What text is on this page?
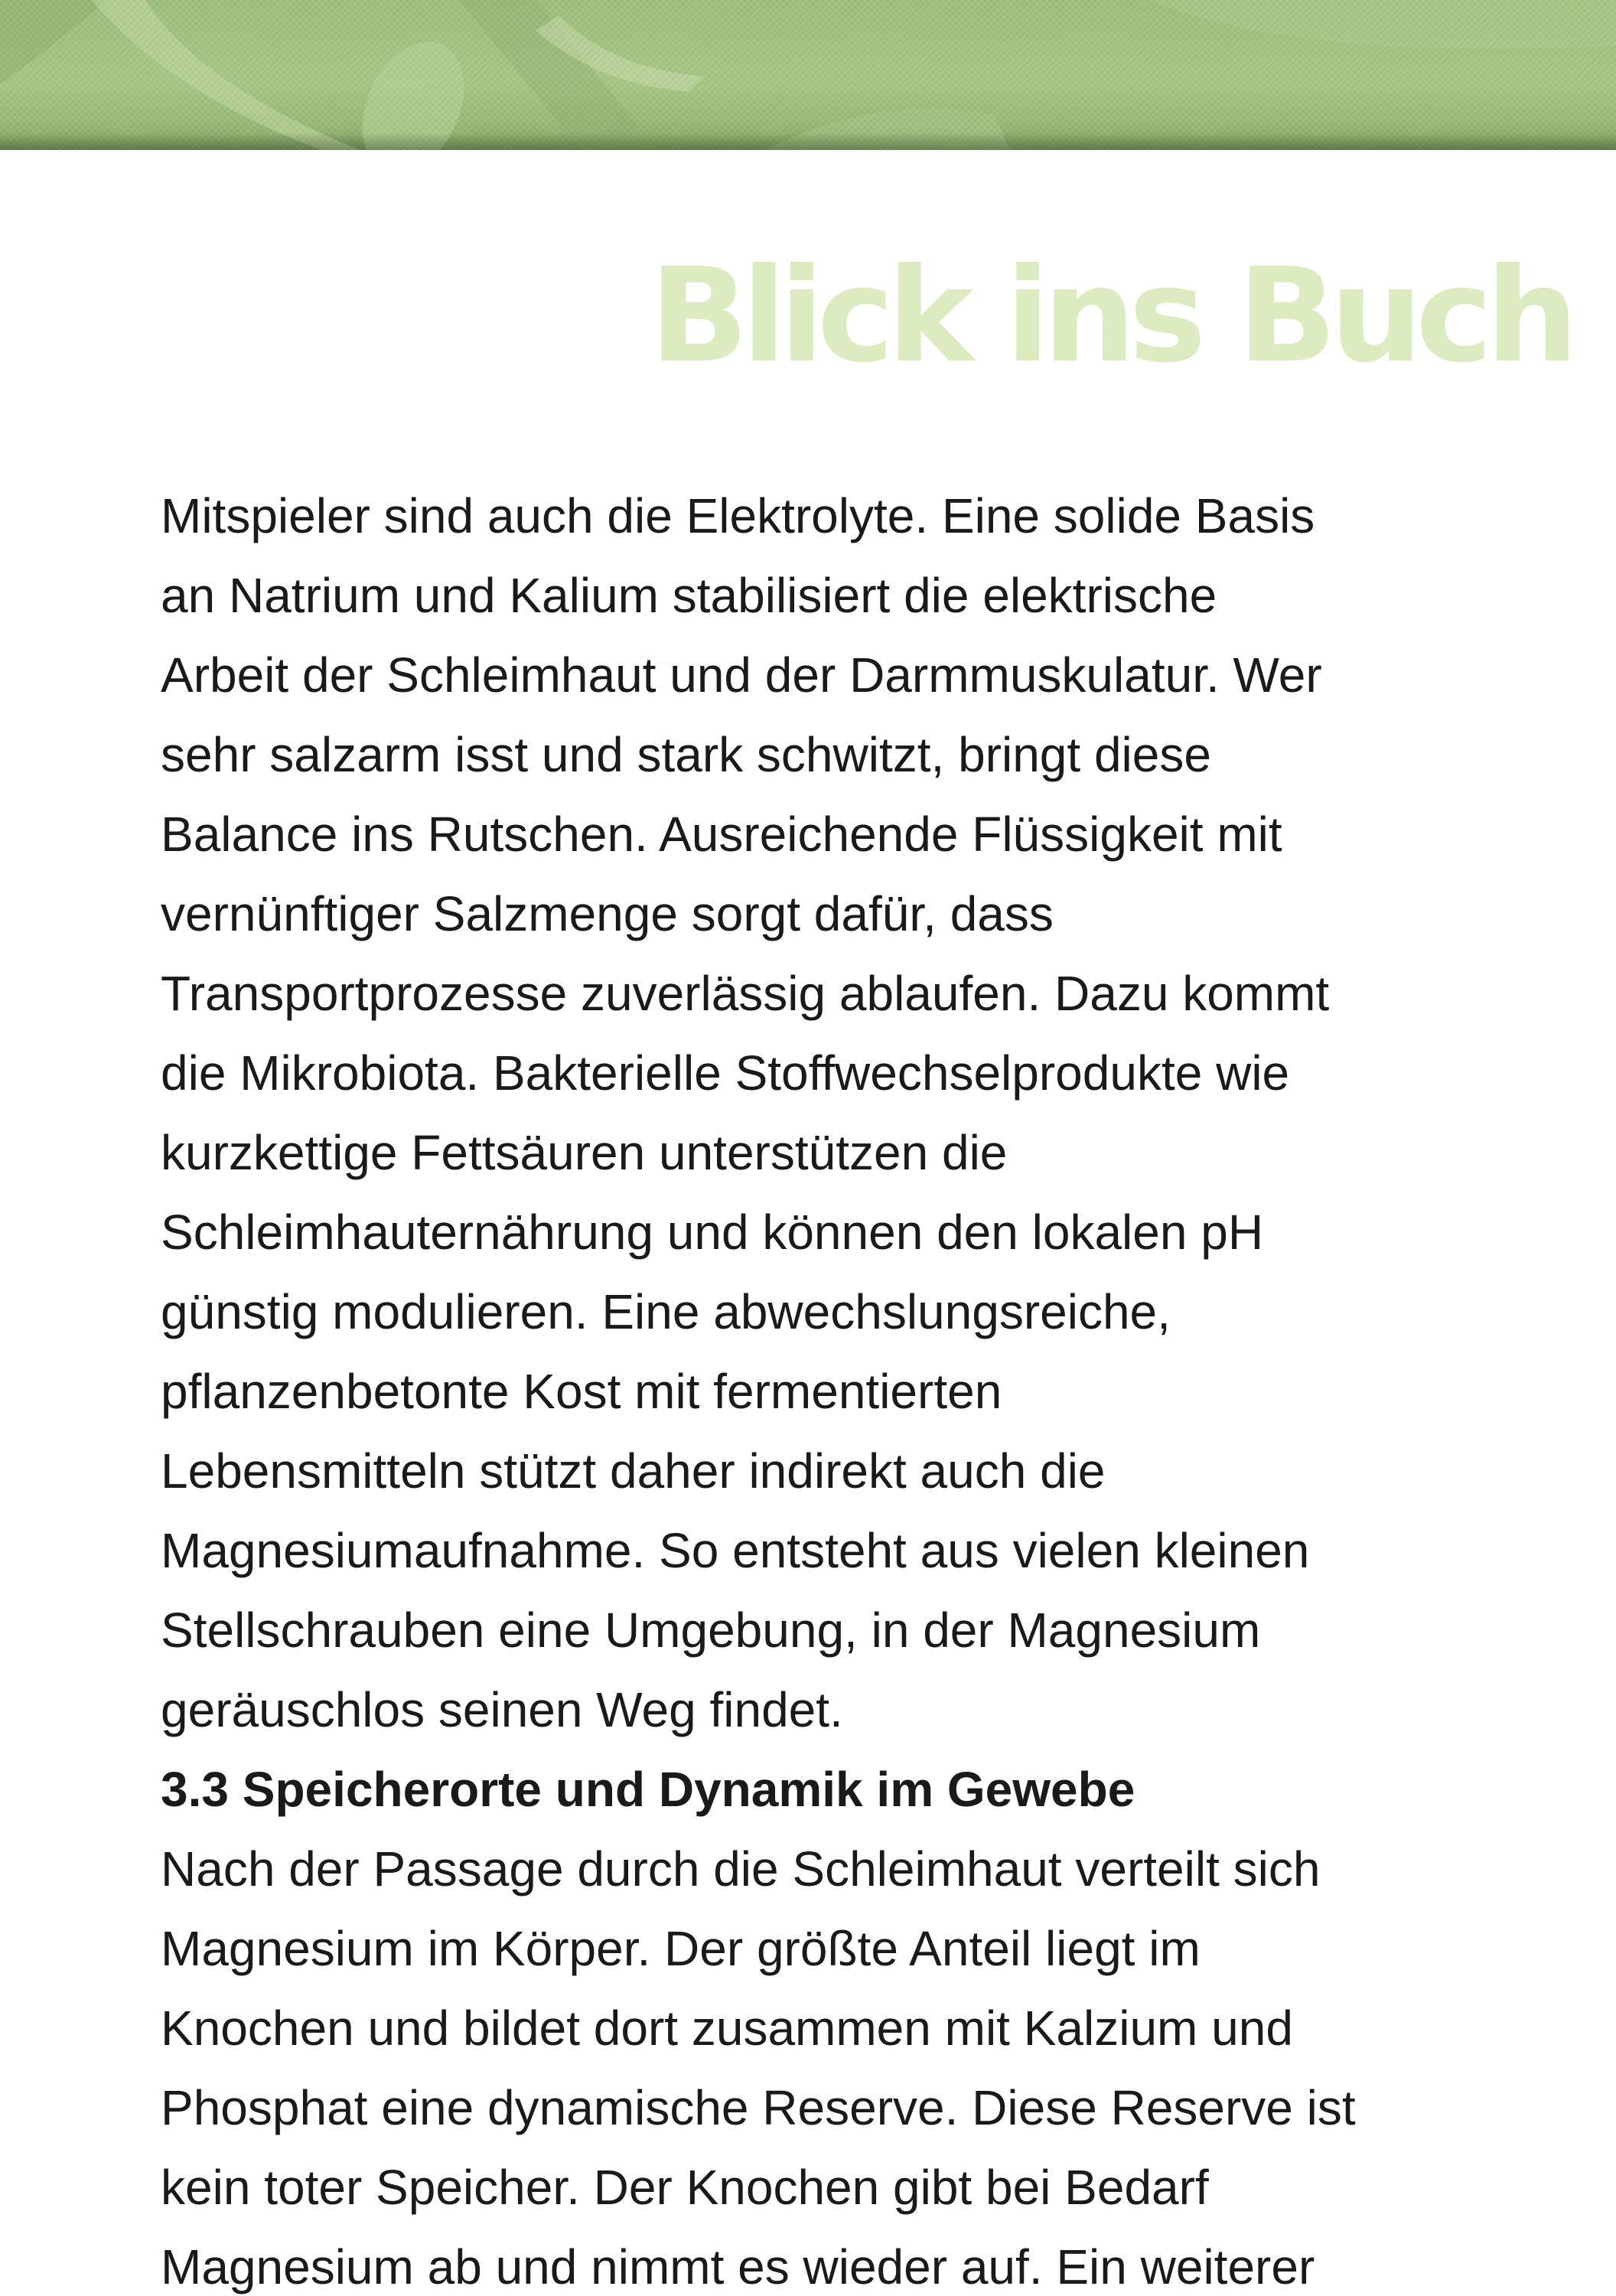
Blick ins Buch

Mitspieler sind auch die Elektrolyte. Eine solide Basis

an Natrium und Kalium stabilisiert die elektrische

Arbeit der Schleimhaut und der Darmmuskulatur. Wer

sehr salzarm isst und stark schwitzt, bringt diese

Balance ins Rutschen. Ausreichende Flüssigkeit mit

vernünftiger Salzmenge sorgt dafür, dass

Transportprozesse zuverlässig ablaufen. Dazu kommt

die Mikrobiota. Bakterielle Stoffwechselprodukte wie

kurzkettige Fettsäuren unterstützen die

Schleimhauternährung und können den lokalen pH

günstig modulieren. Eine abwechslungsreiche,

pflanzenbetonte Kost mit fermentierten

Lebensmitteln stützt daher indirekt auch die

Magnesiumaufnahme. So entsteht aus vielen kleinen

Stellschrauben eine Umgebung, in der Magnesium

geräuschlos seinen Weg findet.

3.3 Speicherorte und Dynamik im Gewebe

Nach der Passage durch die Schleimhaut verteilt sich

Magnesium im Körper. Der größte Anteil liegt im

Knochen und bildet dort zusammen mit Kalzium und

Phosphat eine dynamische Reserve. Diese Reserve ist

kein toter Speicher. Der Knochen gibt bei Bedarf

Magnesium ab und nimmt es wieder auf. Ein weiterer
